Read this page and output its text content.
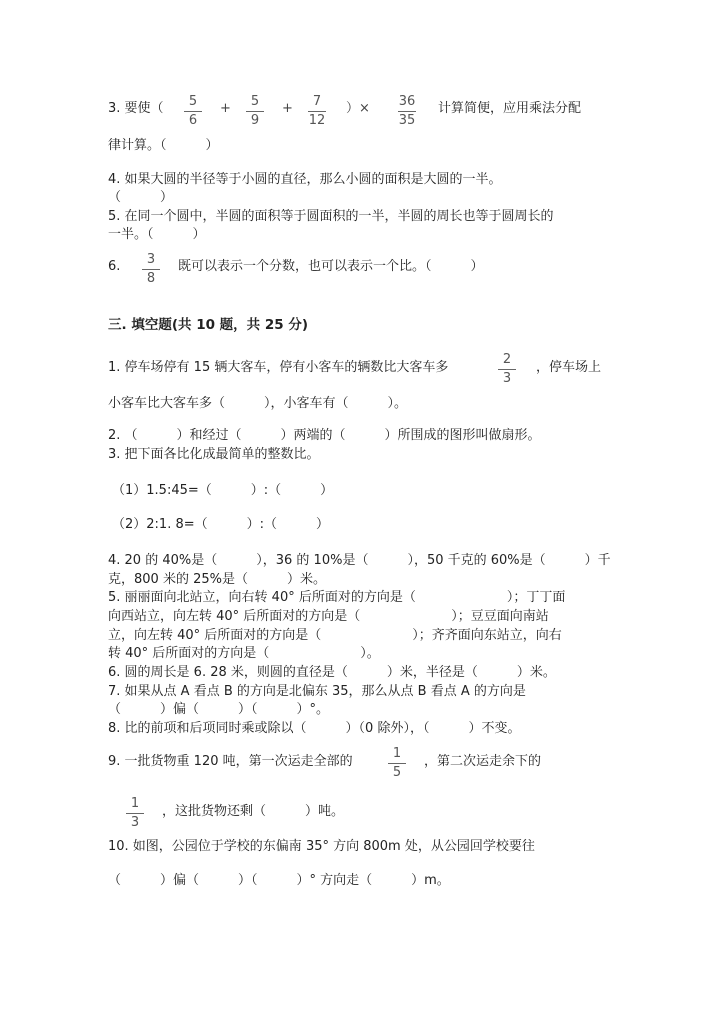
3. 要使（ 5
6
+ 5
9
+ 7
12
）× 36
35
计算简便，应用乘法分配
律计算。（　　　）
4. 如果大圆的半径等于小圆的直径，那么小圆的面积是大圆的一半。
（　　　）
5. 在同一个圆中，半圆的面积等于圆面积的一半，半圆的周长也等于圆周长的
一半。（　　　）
6. 3
8
既可以表示一个分数，也可以表示一个比。（　　　）
三. 填空题(共 10 题，共 25 分)
1. 停车场停有 15 辆大客车，停有小客车的辆数比大客车多
2
3
，停车场上
小客车比大客车多（　　　），小客车有（　　　）。
2. （　　　）和经过（　　　）两端的（　　　）所围成的图形叫做扇形。
3. 把下面各比化成最简单的整数比。
（1）1.5:45=（　　　）:（　　　）
（2）2:1. 8=（　　　）:（　　　）
4. 20 的 40%是（　　　），36 的 10%是（　　　），50 千克的 60%是（　　　）千
克，800 米的 25%是（　　　）米。
5. 丽丽面向北站立，向右转 40° 后所面对的方向是（　　　　　　　）；丁丁面
向西站立，向左转 40° 后所面对的方向是（　　　　　　　）；豆豆面向南站
立，向左转 40° 后所面对的方向是（　　　　　　　）；齐齐面向东站立，向右
转 40° 后所面对的方向是（　　　　　　　）。
6. 圆的周长是 6. 28 米，则圆的直径是（　　　）米，半径是（　　　）米。
7. 如果从点 A 看点 B 的方向是北偏东 35，那么从点 B 看点 A 的方向是
（　　　）偏（　　　）（　　　）°。
8. 比的前项和后项同时乘或除以（　　　）（0 除外），（　　　）不变。
9. 一批货物重 120 吨，第一次运走全部的
1
5
，第二次运走余下的
1
3
，这批货物还剩（　　　）吨。
10. 如图，公园位于学校的东偏南 35° 方向 800m 处，从公园回学校要往
（　　　）偏（　　　）（　　　）° 方向走（　　　）m。
